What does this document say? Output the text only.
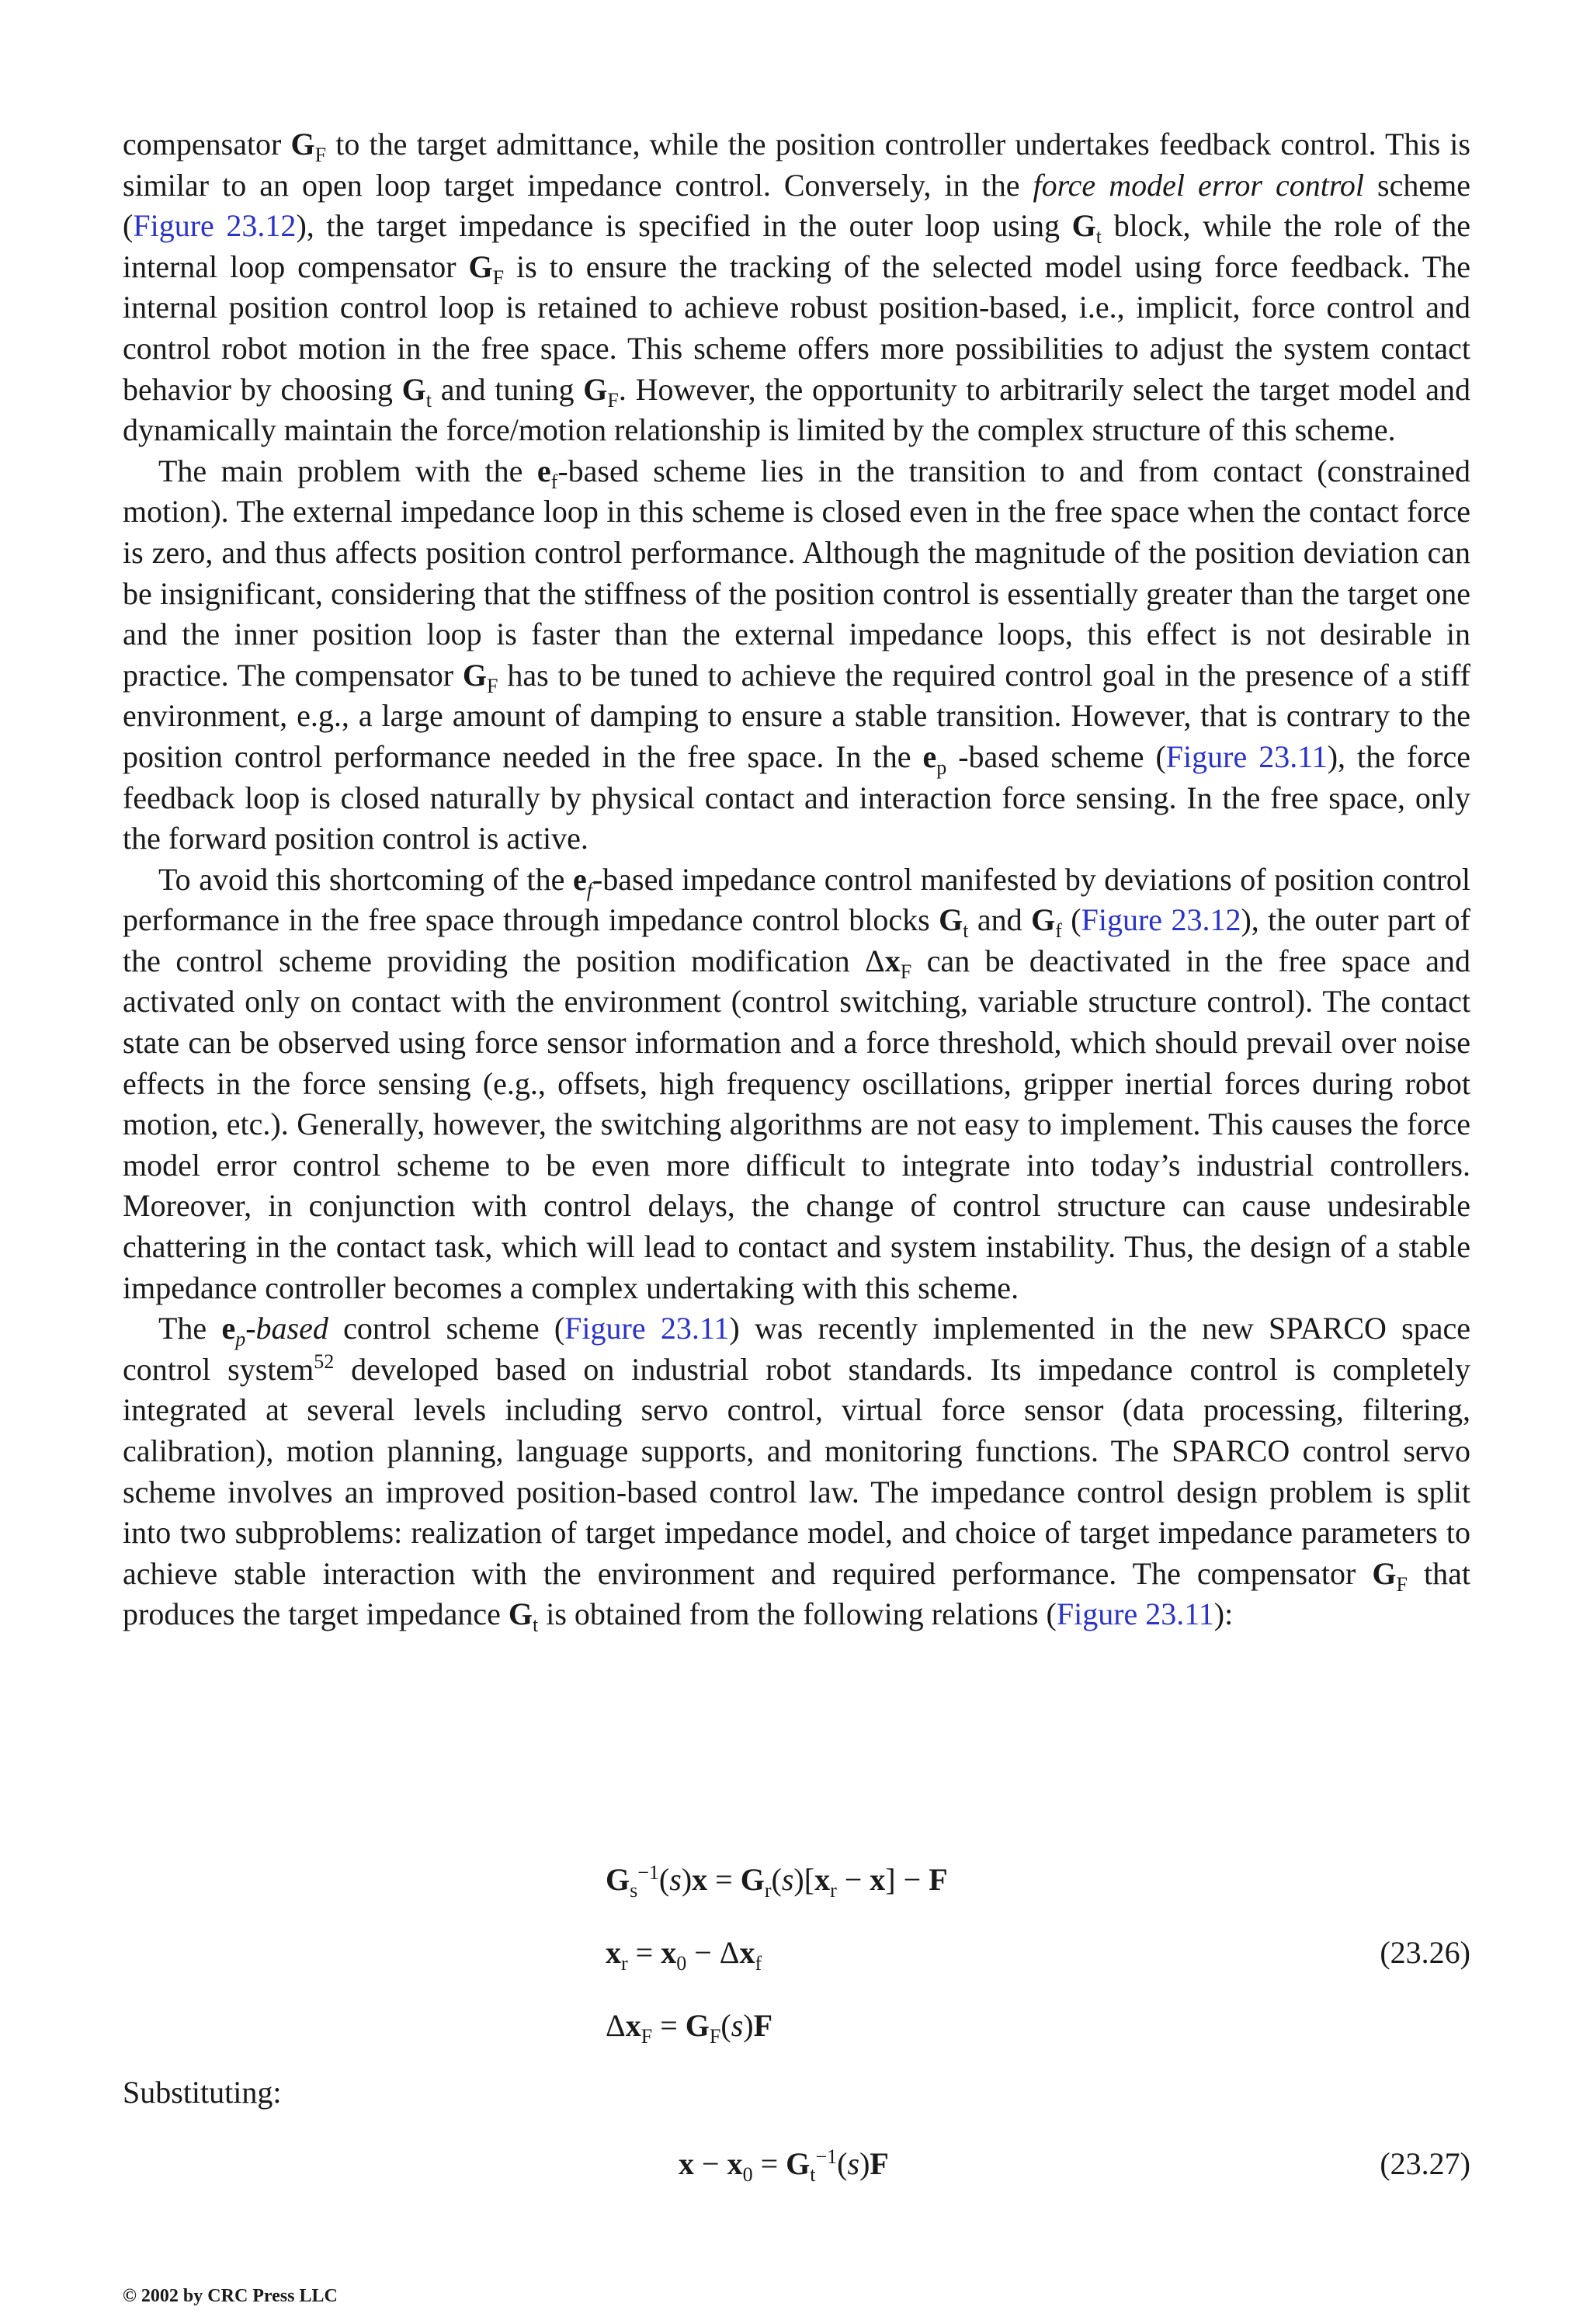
compensator $G_F$ to the target admittance, while the position controller undertakes feedback control. This is similar to an open loop target impedance control. Conversely, in the force model error control scheme (Figure 23.12), the target impedance is specified in the outer loop using $G_t$ block, while the role of the internal loop compensator $G_F$ is to ensure the tracking of the selected model using force feedback. The internal position control loop is retained to achieve robust position-based, i.e., implicit, force control and control robot motion in the free space. This scheme offers more possibilities to adjust the system contact behavior by choosing $G_t$ and tuning $G_F$. However, the opportunity to arbitrarily select the target model and dynamically maintain the force/motion relationship is limited by the complex structure of this scheme.

The main problem with the $e_f$-based scheme lies in the transition to and from contact (constrained motion). The external impedance loop in this scheme is closed even in the free space when the contact force is zero, and thus affects position control performance. Although the magnitude of the position deviation can be insignificant, considering that the stiffness of the position control is essentially greater than the target one and the inner position loop is faster than the external impedance loops, this effect is not desirable in practice. The compensator $G_F$ has to be tuned to achieve the required control goal in the presence of a stiff environment, e.g., a large amount of damping to ensure a stable transition. However, that is contrary to the position control performance needed in the free space. In the $e_p$ -based scheme (Figure 23.11), the force feedback loop is closed naturally by physical contact and interaction force sensing. In the free space, only the forward position control is active.

To avoid this shortcoming of the $e_f$-based impedance control manifested by deviations of position control performance in the free space through impedance control blocks $G_t$ and $G_f$ (Figure 23.12), the outer part of the control scheme providing the position modification $\Delta x_F$ can be deactivated in the free space and activated only on contact with the environment (control switching, variable structure control). The contact state can be observed using force sensor information and a force threshold, which should prevail over noise effects in the force sensing (e.g., offsets, high frequency oscillations, gripper inertial forces during robot motion, etc.). Generally, however, the switching algorithms are not easy to implement. This causes the force model error control scheme to be even more difficult to integrate into today’s industrial controllers. Moreover, in conjunction with control delays, the change of control structure can cause undesirable chattering in the contact task, which will lead to contact and system instability. Thus, the design of a stable impedance controller becomes a complex undertaking with this scheme.

The $e_p$-based control scheme (Figure 23.11) was recently implemented in the new SPARCO space control system$^{52}$ developed based on industrial robot standards. Its impedance control is completely integrated at several levels including servo control, virtual force sensor (data processing, filtering, calibration), motion planning, language supports, and monitoring functions. The SPARCO control servo scheme involves an improved position-based control law. The impedance control design problem is split into two subproblems: realization of target impedance model, and choice of target impedance parameters to achieve stable interaction with the environment and required performance. The compensator $G_F$ that produces the target impedance $G_t$ is obtained from the following relations (Figure 23.11):

$G_s^{-1}(s)x = G_r(s)[x_r - x] - F$
$x_r = x_0 - \Delta x_f$	(23.26)
$\Delta x_F = G_F(s)F$
Substituting:
$x - x_0 = G_t^{-1}(s)F$	(23.27)
© 2002 by CRC Press LLC
